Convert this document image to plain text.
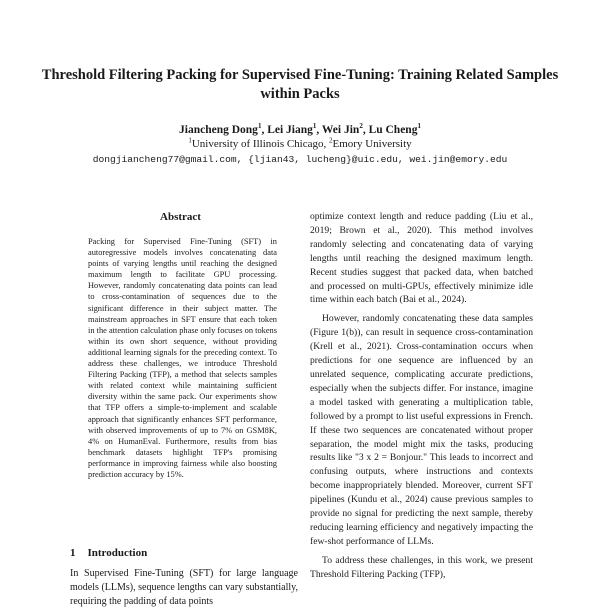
Threshold Filtering Packing for Supervised Fine-Tuning: Training Related Samples within Packs
Jiancheng Dong$^1$, Lei Jiang$^1$, Wei Jin$^2$, Lu Cheng$^1$
$^1$University of Illinois Chicago, $^2$Emory University
dongjiancheng77@gmail.com, {ljian43, lucheng}@uic.edu, wei.jin@emory.edu
Abstract
Packing for Supervised Fine-Tuning (SFT) in autoregressive models involves concatenating data points of varying lengths until reaching the designed maximum length to facilitate GPU processing. However, randomly concatenating data points can lead to cross-contamination of sequences due to the significant difference in their subject matter. The mainstream approaches in SFT ensure that each token in the attention calculation phase only focuses on tokens within its own short sequence, without providing additional learning signals for the preceding context. To address these challenges, we introduce Threshold Filtering Packing (TFP), a method that selects samples with related context while maintaining sufficient diversity within the same pack. Our experiments show that TFP offers a simple-to-implement and scalable approach that significantly enhances SFT performance, with observed improvements of up to 7% on GSM8K, 4% on HumanEval. Furthermore, results from bias benchmark datasets highlight TFP's promising performance in improving fairness while also boosting prediction accuracy by 15%.
1 Introduction
In Supervised Fine-Tuning (SFT) for large language models (LLMs), sequence lengths can vary substantially, requiring the padding of data points

optimize context length and reduce padding (Liu et al., 2019; Brown et al., 2020). This method involves randomly selecting and concatenating data of varying lengths until reaching the designed maximum length. Recent studies suggest that packed data, when batched and processed on multi-GPUs, effectively minimize idle time within each batch (Bai et al., 2024).

However, randomly concatenating these data samples (Figure 1(b)), can result in sequence cross-contamination (Krell et al., 2021). Cross-contamination occurs when predictions for one sequence are influenced by an unrelated sequence, complicating accurate predictions, especially when the subjects differ. For instance, imagine a model tasked with generating a multiplication table, followed by a prompt to list useful expressions in French. If these two sequences are concatenated without proper separation, the model might mix the tasks, producing results like "3 x 2 = Bonjour." This leads to incorrect and confusing outputs, where instructions and contexts become inappropriately blended. Moreover, current SFT pipelines (Kundu et al., 2024) cause previous samples to provide no signal for predicting the next sample, thereby reducing learning efficiency and negatively impacting the few-shot performance of LLMs.

To address these challenges, in this work, we present Threshold Filtering Packing (TFP),
